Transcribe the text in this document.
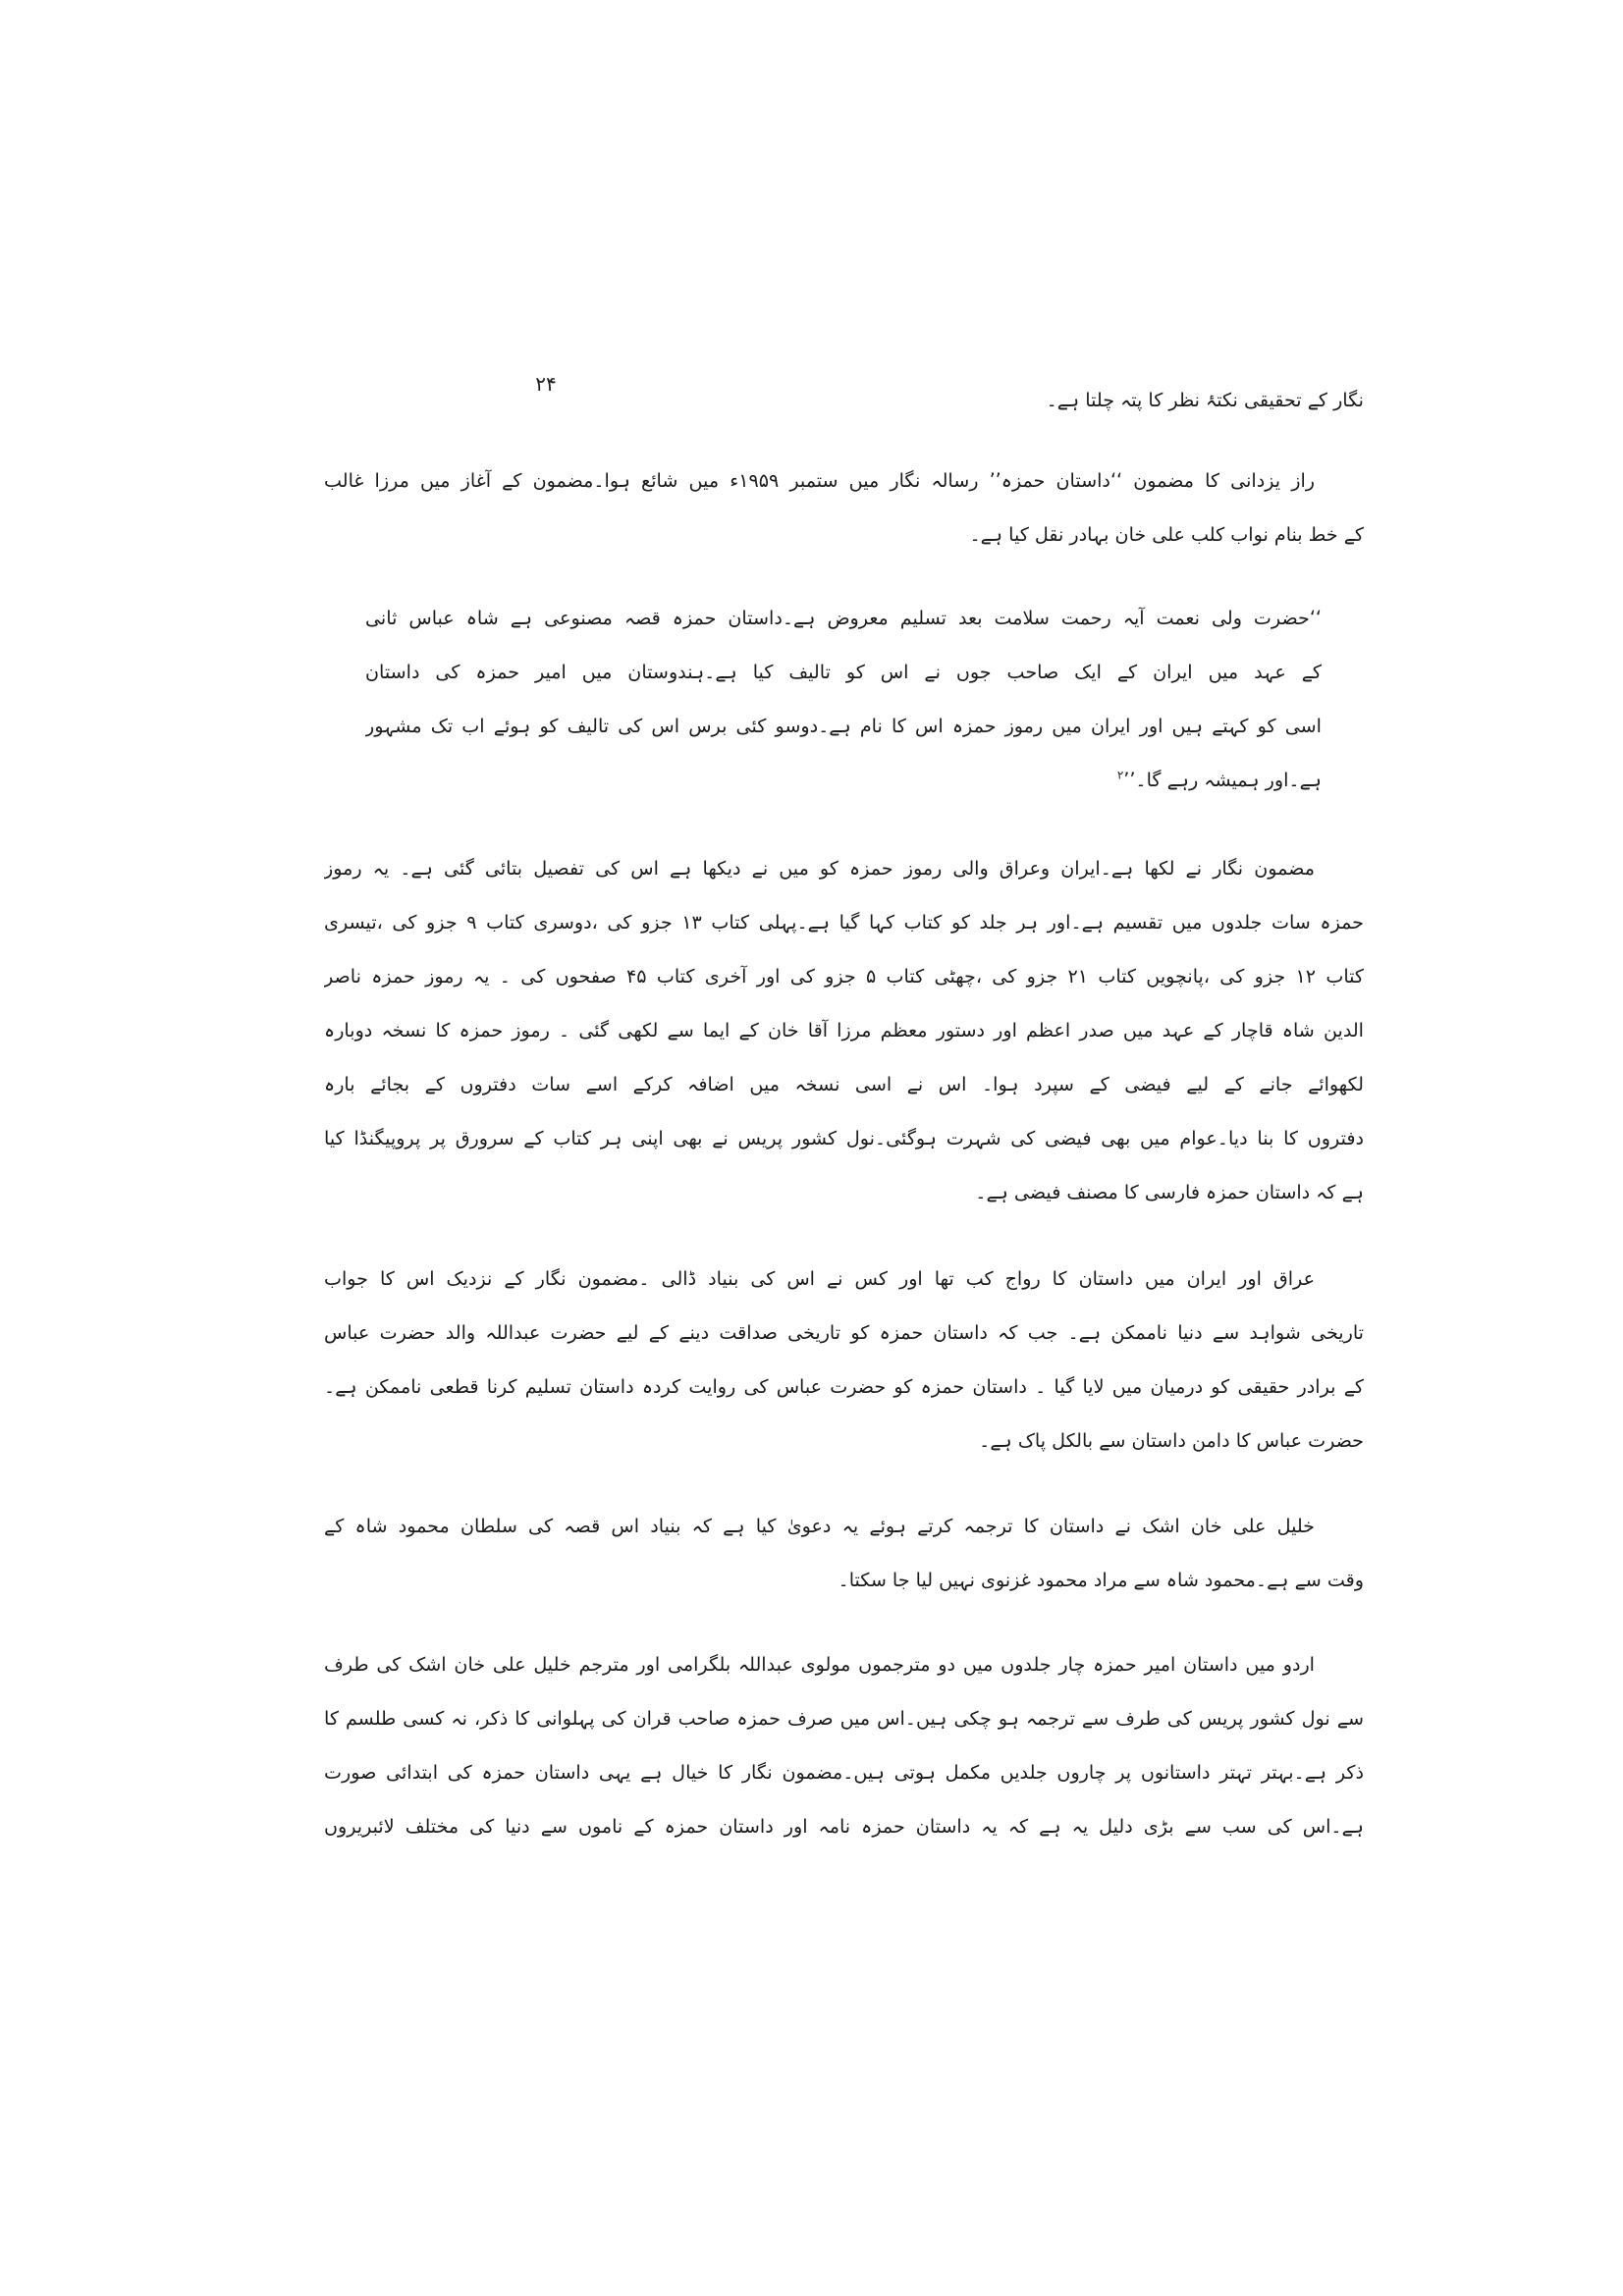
۲۴
نگار کے تحقیقی نکتۂ نظر کا پتہ چلتا ہے۔
راز یزدانی کا مضمون ‘‘داستان حمزہ’’ رسالہ نگار میں ستمبر ۱۹۵۹ء میں شائع ہوا۔مضمون کے آغاز میں مرزا غالب
کے خط بنام نواب کلب علی خان بہادر نقل کیا ہے۔
‘‘حضرت ولی نعمت آیہ رحمت سلامت بعد تسلیم معروض ہے۔داستان حمزہ قصہ مصنوعی ہے شاہ عباس ثانی
کے عہد میں ایران کے ایک صاحب جوں نے اس کو تالیف کیا ہے۔ہندوستان میں امیر حمزہ کی داستان
اسی کو کہتے ہیں اور ایران میں رموز حمزہ اس کا نام ہے۔دوسو کئی برس اس کی تالیف کو ہوئے اب تک مشہور
ہے۔اور ہمیشہ رہے گا۔’’$^۲$
مضمون نگار نے لکھا ہے۔ایران وعراق والی رموز حمزہ کو میں نے دیکھا ہے اس کی تفصیل بتائی گئی ہے۔ یہ رموز
حمزہ سات جلدوں میں تقسیم ہے۔اور ہر جلد کو کتاب کہا گیا ہے۔پہلی کتاب ۱۳ جزو کی ،دوسری کتاب ۹ جزو کی ،تیسری
کتاب ۱۲ جزو کی ،پانچویں کتاب ۲۱ جزو کی ،چھٹی کتاب ۵ جزو کی اور آخری کتاب ۴۵ صفحوں کی ۔ یہ رموز حمزہ ناصر
الدین شاہ قاچار کے عہد میں صدر اعظم اور دستور معظم مرزا آقا خان کے ایما سے لکھی گئی ۔ رموز حمزہ کا نسخہ دوبارہ
لکھوائے جانے کے لیے فیضی کے سپرد ہوا۔ اس نے اسی نسخہ میں اضافہ کرکے اسے سات دفتروں کے بجائے بارہ
دفتروں کا بنا دیا۔عوام میں بھی فیضی کی شہرت ہوگئی۔نول کشور پریس نے بھی اپنی ہر کتاب کے سرورق پر پروپیگنڈا کیا
ہے کہ داستان حمزہ فارسی کا مصنف فیضی ہے۔
عراق اور ایران میں داستان کا رواج کب تھا اور کس نے اس کی بنیاد ڈالی ۔مضمون نگار کے نزدیک اس کا جواب
تاریخی شواہد سے دنیا ناممکن ہے۔ جب کہ داستان حمزہ کو تاریخی صداقت دینے کے لیے حضرت عبداللہ والد حضرت عباس
کے برادر حقیقی کو درمیان میں لایا گیا ۔ داستان حمزہ کو حضرت عباس کی روایت کردہ داستان تسلیم کرنا قطعی ناممکن ہے۔
حضرت عباس کا دامن داستان سے بالکل پاک ہے۔
خلیل علی خان اشک نے داستان کا ترجمہ کرتے ہوئے یہ دعویٰ کیا ہے کہ بنیاد اس قصہ کی سلطان محمود شاہ کے
وقت سے ہے۔محمود شاہ سے مراد محمود غزنوی نہیں لیا جا سکتا۔
اردو میں داستان امیر حمزہ چار جلدوں میں دو مترجموں مولوی عبداللہ بلگرامی اور مترجم خلیل علی خان اشک کی طرف
سے نول کشور پریس کی طرف سے ترجمہ ہو چکی ہیں۔اس میں صرف حمزہ صاحب قران کی پہلوانی کا ذکر، نہ کسی طلسم کا
ذکر ہے۔بہتر تہتر داستانوں پر چاروں جلدیں مکمل ہوتی ہیں۔مضمون نگار کا خیال ہے یہی داستان حمزہ کی ابتدائی صورت
ہے۔اس کی سب سے بڑی دلیل یہ ہے کہ یہ داستان حمزہ نامہ اور داستان حمزہ کے ناموں سے دنیا کی مختلف لائبریروں
